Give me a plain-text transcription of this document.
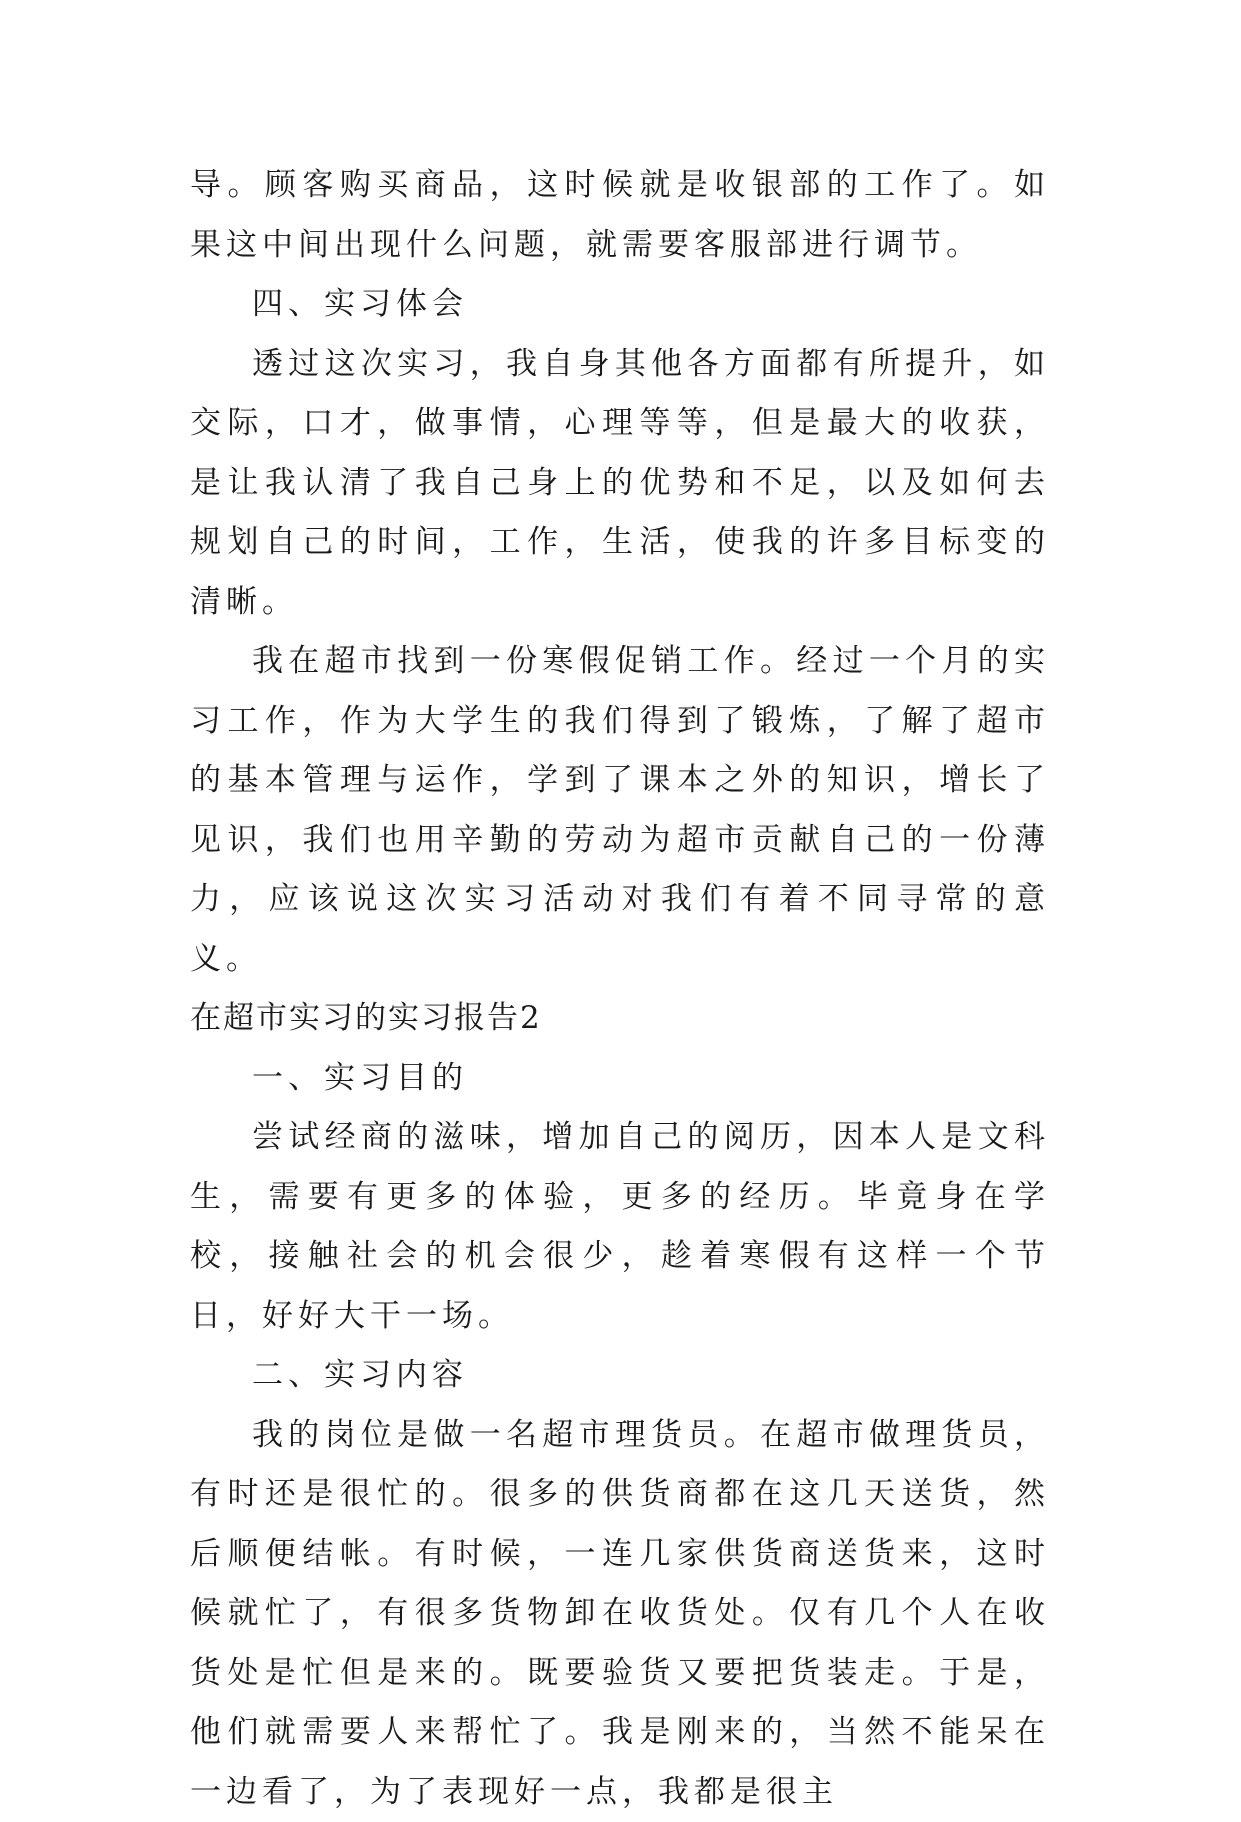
导。顾客购买商品，这时候就是收银部的工作了。如果这中间出现什么问题，就需要客服部进行调节。

四、实习体会

透过这次实习，我自身其他各方面都有所提升，如交际，口才，做事情，心理等等，但是最大的收获，是让我认清了我自己身上的优势和不足，以及如何去规划自己的时间，工作，生活，使我的许多目标变的清晰。

我在超市找到一份寒假促销工作。经过一个月的实习工作，作为大学生的我们得到了锻炼，了解了超市的基本管理与运作，学到了课本之外的知识，增长了见识，我们也用辛勤的劳动为超市贡献自己的一份薄力，应该说这次实习活动对我们有着不同寻常的意义。

在超市实习的实习报告2

一、实习目的

尝试经商的滋味，增加自己的阅历，因本人是文科生，需要有更多的体验，更多的经历。毕竟身在学校，接触社会的机会很少，趁着寒假有这样一个节日，好好大干一场。

二、实习内容

我的岗位是做一名超市理货员。在超市做理货员，有时还是很忙的。很多的供货商都在这几天送货，然后顺便结帐。有时候，一连几家供货商送货来，这时候就忙了，有很多货物卸在收货处。仅有几个人在收货处是忙但是来的。既要验货又要把货装走。于是，他们就需要人来帮忙了。我是刚来的，当然不能呆在一边看了，为了表现好一点，我都是很主
